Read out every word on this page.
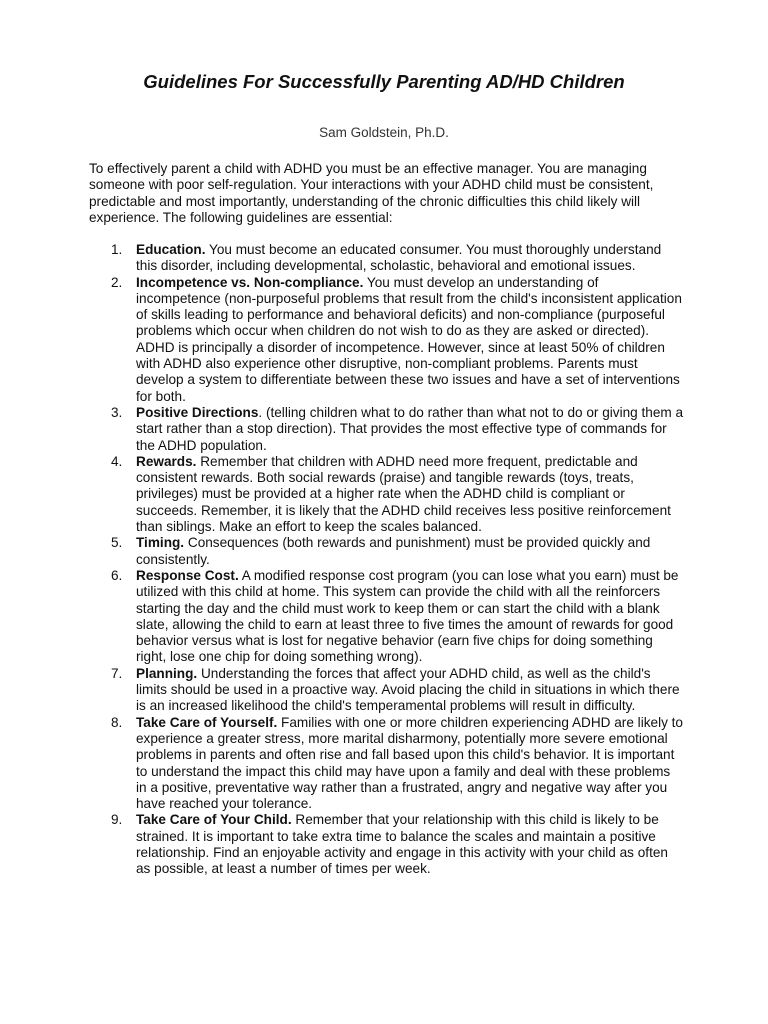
Guidelines For Successfully Parenting AD/HD Children
Sam Goldstein, Ph.D.

To effectively parent a child with ADHD you must be an effective manager. You are managing someone with poor self-regulation. Your interactions with your ADHD child must be consistent, predictable and most importantly, understanding of the chronic difficulties this child likely will experience. The following guidelines are essential:

1. Education. You must become an educated consumer. You must thoroughly understand this disorder, including developmental, scholastic, behavioral and emotional issues.
2. Incompetence vs. Non-compliance. You must develop an understanding of incompetence (non-purposeful problems that result from the child's inconsistent application of skills leading to performance and behavioral deficits) and non-compliance (purposeful problems which occur when children do not wish to do as they are asked or directed). ADHD is principally a disorder of incompetence. However, since at least 50% of children with ADHD also experience other disruptive, non-compliant problems. Parents must develop a system to differentiate between these two issues and have a set of interventions for both.
3. Positive Directions. (telling children what to do rather than what not to do or giving them a start rather than a stop direction). That provides the most effective type of commands for the ADHD population.
4. Rewards. Remember that children with ADHD need more frequent, predictable and consistent rewards. Both social rewards (praise) and tangible rewards (toys, treats, privileges) must be provided at a higher rate when the ADHD child is compliant or succeeds. Remember, it is likely that the ADHD child receives less positive reinforcement than siblings. Make an effort to keep the scales balanced.
5. Timing. Consequences (both rewards and punishment) must be provided quickly and consistently.
6. Response Cost. A modified response cost program (you can lose what you earn) must be utilized with this child at home. This system can provide the child with all the reinforcers starting the day and the child must work to keep them or can start the child with a blank slate, allowing the child to earn at least three to five times the amount of rewards for good behavior versus what is lost for negative behavior (earn five chips for doing something right, lose one chip for doing something wrong).
7. Planning. Understanding the forces that affect your ADHD child, as well as the child's limits should be used in a proactive way. Avoid placing the child in situations in which there is an increased likelihood the child's temperamental problems will result in difficulty.
8. Take Care of Yourself. Families with one or more children experiencing ADHD are likely to experience a greater stress, more marital disharmony, potentially more severe emotional problems in parents and often rise and fall based upon this child's behavior. It is important to understand the impact this child may have upon a family and deal with these problems in a positive, preventative way rather than a frustrated, angry and negative way after you have reached your tolerance.
9. Take Care of Your Child. Remember that your relationship with this child is likely to be strained. It is important to take extra time to balance the scales and maintain a positive relationship. Find an enjoyable activity and engage in this activity with your child as often as possible, at least a number of times per week.
